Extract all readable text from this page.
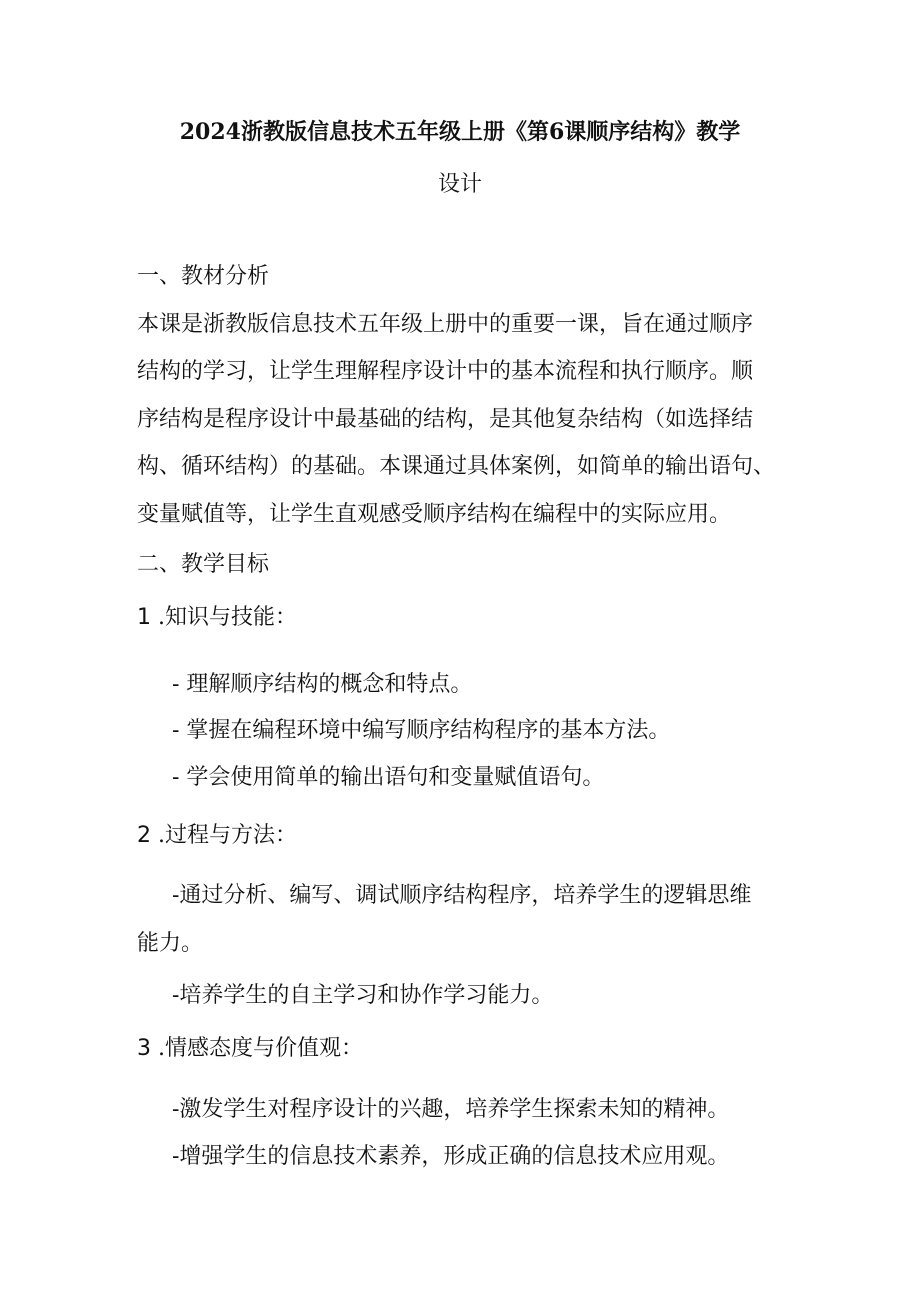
2024浙教版信息技术五年级上册《第6课顺序结构》教学
设计
一、教材分析
本课是浙教版信息技术五年级上册中的重要一课，旨在通过顺序
结构的学习，让学生理解程序设计中的基本流程和执行顺序。顺
序结构是程序设计中最基础的结构，是其他复杂结构（如选择结
构、循环结构）的基础。本课通过具体案例，如简单的输出语句、
变量赋值等，让学生直观感受顺序结构在编程中的实际应用。
二、教学目标
1 .知识与技能：
- 理解顺序结构的概念和特点。
- 掌握在编程环境中编写顺序结构程序的基本方法。
- 学会使用简单的输出语句和变量赋值语句。
2 .过程与方法：
-通过分析、编写、调试顺序结构程序，培养学生的逻辑思维
能力。
-培养学生的自主学习和协作学习能力。
3 .情感态度与价值观：
-激发学生对程序设计的兴趣，培养学生探索未知的精神。
-增强学生的信息技术素养，形成正确的信息技术应用观。
